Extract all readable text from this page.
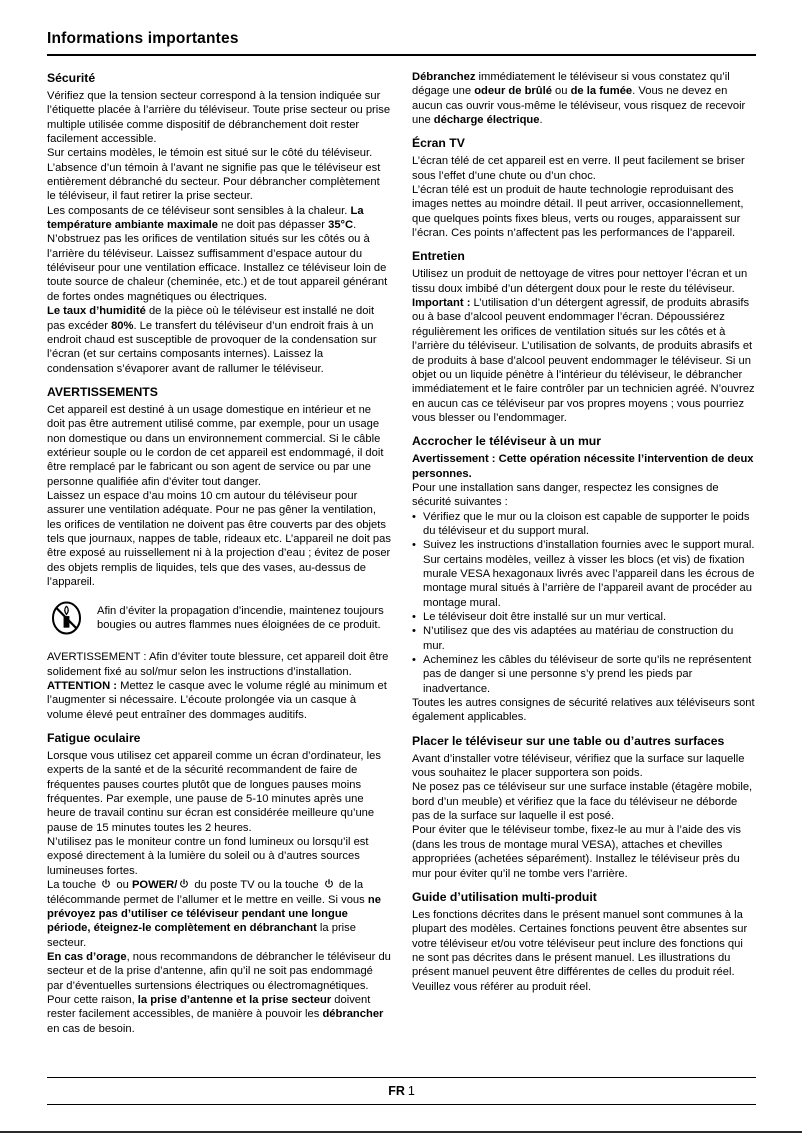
Informations importantes
Sécurité

Vérifiez que la tension secteur correspond à la tension indiquée sur l’étiquette placée à l’arrière du téléviseur. Toute prise secteur ou prise multiple utilisée comme dispositif de débranchement doit rester facilement accessible.

Sur certains modèles, le témoin est situé sur le côté du téléviseur. L’absence d’un témoin à l’avant ne signifie pas que le téléviseur est entièrement débranché du secteur. Pour débrancher complètement le téléviseur, il faut retirer la prise secteur.

Les composants de ce téléviseur sont sensibles à la chaleur. La température ambiante maximale ne doit pas dépasser 35°C. N’obstruez pas les orifices de ventilation situés sur les côtés ou à l’arrière du téléviseur. Laissez suffisamment d’espace autour du téléviseur pour une ventilation efficace. Installez ce téléviseur loin de toute source de chaleur (cheminée, etc.) et de tout appareil générant de fortes ondes magnétiques ou électriques.

Le taux d’humidité de la pièce où le téléviseur est installé ne doit pas excéder 80%. Le transfert du téléviseur d’un endroit frais à un endroit chaud est susceptible de provoquer de la condensation sur l’écran (et sur certains composants internes). Laissez la condensation s’évaporer avant de rallumer le téléviseur.

AVERTISSEMENTS

Cet appareil est destiné à un usage domestique en intérieur et ne doit pas être autrement utilisé comme, par exemple, pour un usage non domestique ou dans un environnement commercial. Si le câble extérieur souple ou le cordon de cet appareil est endommagé, il doit être remplacé par le fabricant ou son agent de service ou par une personne qualifiée afin d’éviter tout danger.

Laissez un espace d’au moins 10 cm autour du téléviseur pour assurer une ventilation adéquate. Pour ne pas gêner la ventilation, les orifices de ventilation ne doivent pas être couverts par des objets tels que journaux, nappes de table, rideaux etc. L’appareil ne doit pas être exposé au ruissellement ni à la projection d’eau ; évitez de poser des objets remplis de liquides, tels que des vases, au-dessus de l’appareil.

Afin d’éviter la propagation d’incendie, maintenez toujours bougies ou autres flammes nues éloignées de ce produit.

AVERTISSEMENT : Afin d’éviter toute blessure, cet appareil doit être solidement fixé au sol/mur selon les instructions d’installation.

ATTENTION : Mettez le casque avec le volume réglé au minimum et l’augmenter si nécessaire. L’écoute prolongée via un casque à volume élevé peut entraîner des dommages auditifs.

Fatigue oculaire

Lorsque vous utilisez cet appareil comme un écran d’ordinateur, les experts de la santé et de la sécurité recommandent de faire de fréquentes pauses courtes plutôt que de longues pauses moins fréquentes. Par exemple, une pause de 5-10 minutes après une heure de travail continu sur écran est considérée meilleure qu’une pause de 15 minutes toutes les 2 heures.

N’utilisez pas le moniteur contre un fond lumineux ou lorsqu’il est exposé directement à la lumière du soleil ou à d’autres sources lumineuses fortes.

La touche
ou POWER/
du poste TV ou la touche
de la télécommande permet de l’allumer et le mettre en veille. Si vous ne prévoyez pas d’utiliser ce téléviseur pendant une longue période, éteignez-le complètement en débranchant la prise secteur.

En cas d’orage, nous recommandons de débrancher le téléviseur du secteur et de la prise d’antenne, afin qu’il ne soit pas endommagé par d’éventuelles surtensions électriques ou électromagnétiques. Pour cette raison, la prise d’antenne et la prise secteur doivent rester facilement accessibles, de manière à pouvoir les débrancher en cas de besoin.

Débranchez immédiatement le téléviseur si vous constatez qu’il dégage une odeur de brûlé ou de la fumée. Vous ne devez en aucun cas ouvrir vous-même le téléviseur, vous risquez de recevoir une décharge électrique.

Écran TV

L’écran télé de cet appareil est en verre. Il peut facilement se briser sous l’effet d’une chute ou d’un choc.

L’écran télé est un produit de haute technologie reproduisant des images nettes au moindre détail. Il peut arriver, occasionnellement, que quelques points fixes bleus, verts ou rouges, apparaissent sur l’écran. Ces points n’affectent pas les performances de l’appareil.

Entretien

Utilisez un produit de nettoyage de vitres pour nettoyer l’écran et un tissu doux imbibé d’un détergent doux pour le reste du téléviseur.

Important : L’utilisation d’un détergent agressif, de produits abrasifs ou à base d’alcool peuvent endommager l’écran. Dépoussiérez régulièrement les orifices de ventilation situés sur les côtés et à l’arrière du téléviseur. L’utilisation de solvants, de produits abrasifs et de produits à base d’alcool peuvent endommager le téléviseur. Si un objet ou un liquide pénètre à l’intérieur du téléviseur, le débrancher immédiatement et le faire contrôler par un technicien agréé. N’ouvrez en aucun cas ce téléviseur par vos propres moyens ; vous pourriez vous blesser ou l’endommager.

Accrocher le téléviseur à un mur

Avertissement : Cette opération nécessite l’intervention de deux personnes.

Pour une installation sans danger, respectez les consignes de sécurité suivantes :

• Vérifiez que le mur ou la cloison est capable de supporter le poids du téléviseur et du support mural.
• Suivez les instructions d’installation fournies avec le support mural. Sur certains modèles, veillez à visser les blocs (et vis) de fixation murale VESA hexagonaux livrés avec l’appareil dans les écrous de montage mural situés à l’arrière de l’appareil avant de procéder au montage mural.
• Le téléviseur doit être installé sur un mur vertical.
• N’utilisez que des vis adaptées au matériau de construction du mur.
• Acheminez les câbles du téléviseur de sorte qu’ils ne représentent pas de danger si une personne s’y prend les pieds par inadvertance.

Toutes les autres consignes de sécurité relatives aux téléviseurs sont également applicables.

Placer le téléviseur sur une table ou d’autres surfaces

Avant d’installer votre téléviseur, vérifiez que la surface sur laquelle vous souhaitez le placer supportera son poids.

Ne posez pas ce téléviseur sur une surface instable (étagère mobile, bord d’un meuble) et vérifiez que la face du téléviseur ne déborde pas de la surface sur laquelle il est posé.

Pour éviter que le téléviseur tombe, fixez-le au mur à l’aide des vis (dans les trous de montage mural VESA), attaches et chevilles appropriées (achetées séparément). Installez le téléviseur près du mur pour éviter qu’il ne tombe vers l’arrière.

Guide d’utilisation multi-produit

Les fonctions décrites dans le présent manuel sont communes à la plupart des modèles. Certaines fonctions peuvent être absentes sur votre téléviseur et/ou votre téléviseur peut inclure des fonctions qui ne sont pas décrites dans le présent manuel. Les illustrations du présent manuel peuvent être différentes de celles du produit réel. Veuillez vous référer au produit réel.

FR 1
